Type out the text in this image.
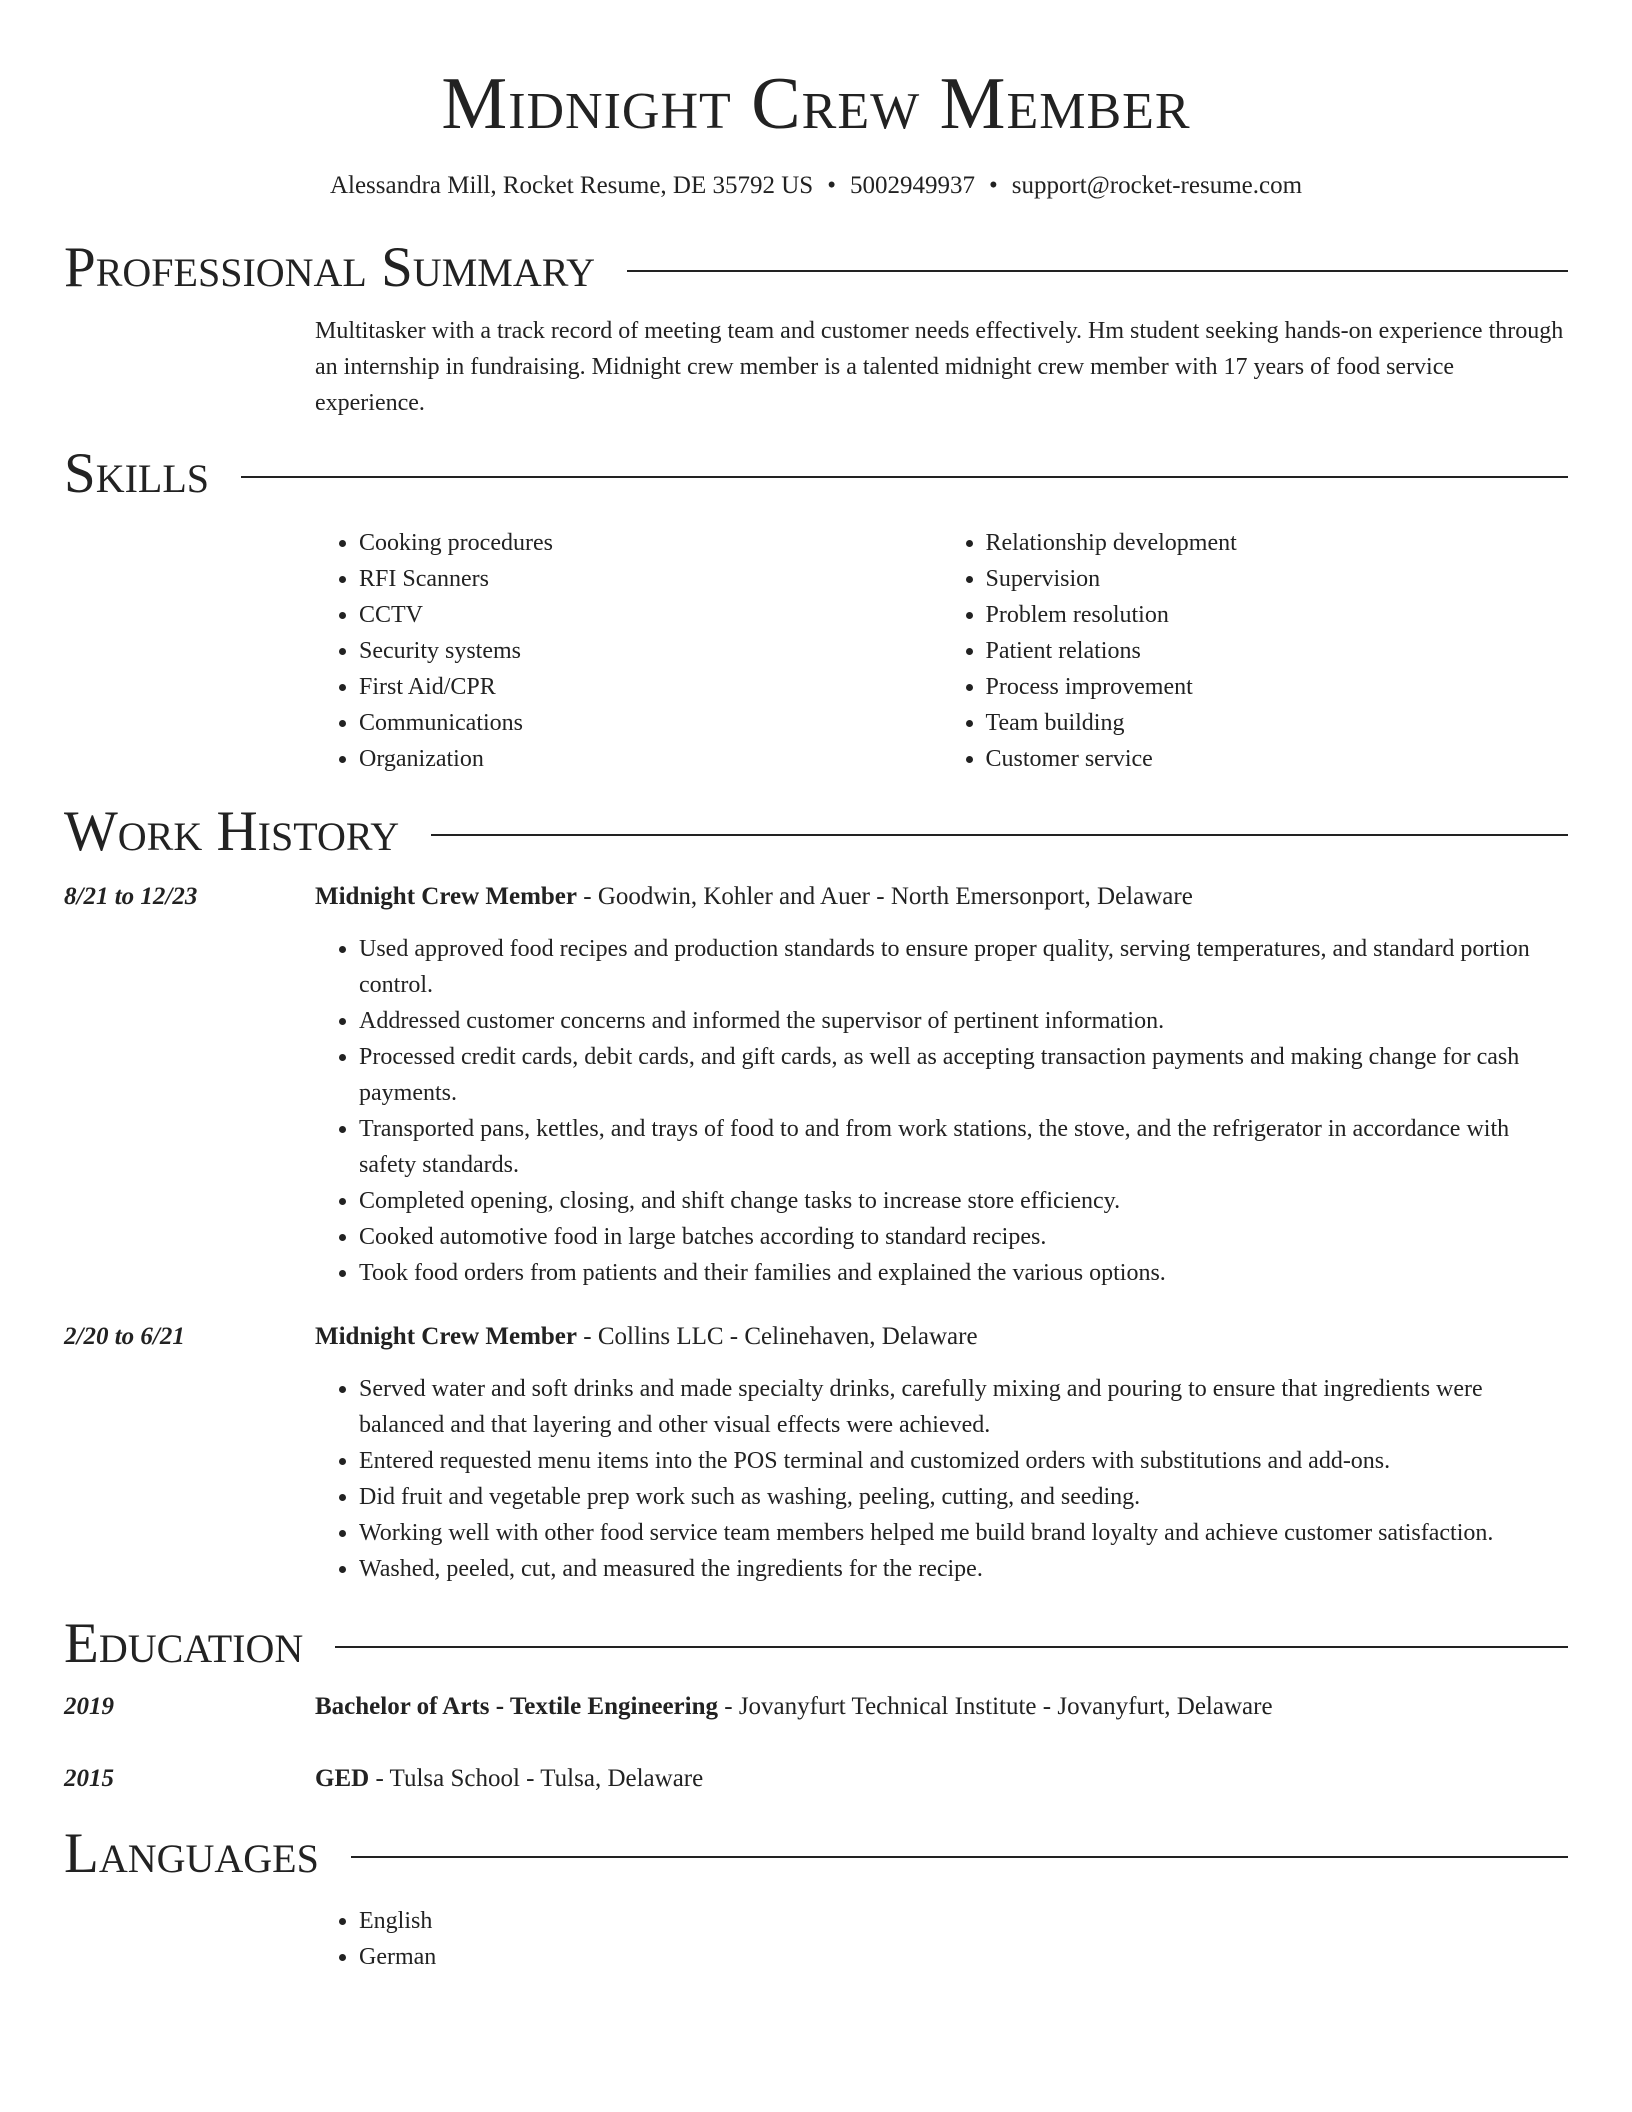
Midnight Crew Member
Alessandra Mill, Rocket Resume, DE 35792 US • 5002949937 • support@rocket-resume.com
Professional Summary
Multitasker with a track record of meeting team and customer needs effectively. Hm student seeking hands-on experience through an internship in fundraising. Midnight crew member is a talented midnight crew member with 17 years of food service experience.
Skills
• Cooking procedures
• RFI Scanners
• CCTV
• Security systems
• First Aid/CPR
• Communications
• Organization
• Relationship development
• Supervision
• Problem resolution
• Patient relations
• Process improvement
• Team building
• Customer service
Work History
8/21 to 12/23	Midnight Crew Member - Goodwin, Kohler and Auer - North Emersonport, Delaware
• Used approved food recipes and production standards to ensure proper quality, serving temperatures, and standard portion control.
• Addressed customer concerns and informed the supervisor of pertinent information.
• Processed credit cards, debit cards, and gift cards, as well as accepting transaction payments and making change for cash payments.
• Transported pans, kettles, and trays of food to and from work stations, the stove, and the refrigerator in accordance with safety standards.
• Completed opening, closing, and shift change tasks to increase store efficiency.
• Cooked automotive food in large batches according to standard recipes.
• Took food orders from patients and their families and explained the various options.
2/20 to 6/21	Midnight Crew Member - Collins LLC - Celinehaven, Delaware
• Served water and soft drinks and made specialty drinks, carefully mixing and pouring to ensure that ingredients were balanced and that layering and other visual effects were achieved.
• Entered requested menu items into the POS terminal and customized orders with substitutions and add-ons.
• Did fruit and vegetable prep work such as washing, peeling, cutting, and seeding.
• Working well with other food service team members helped me build brand loyalty and achieve customer satisfaction.
• Washed, peeled, cut, and measured the ingredients for the recipe.
Education
2019	Bachelor of Arts - Textile Engineering - Jovanyfurt Technical Institute - Jovanyfurt, Delaware
2015	GED - Tulsa School - Tulsa, Delaware
Languages
• English
• German
